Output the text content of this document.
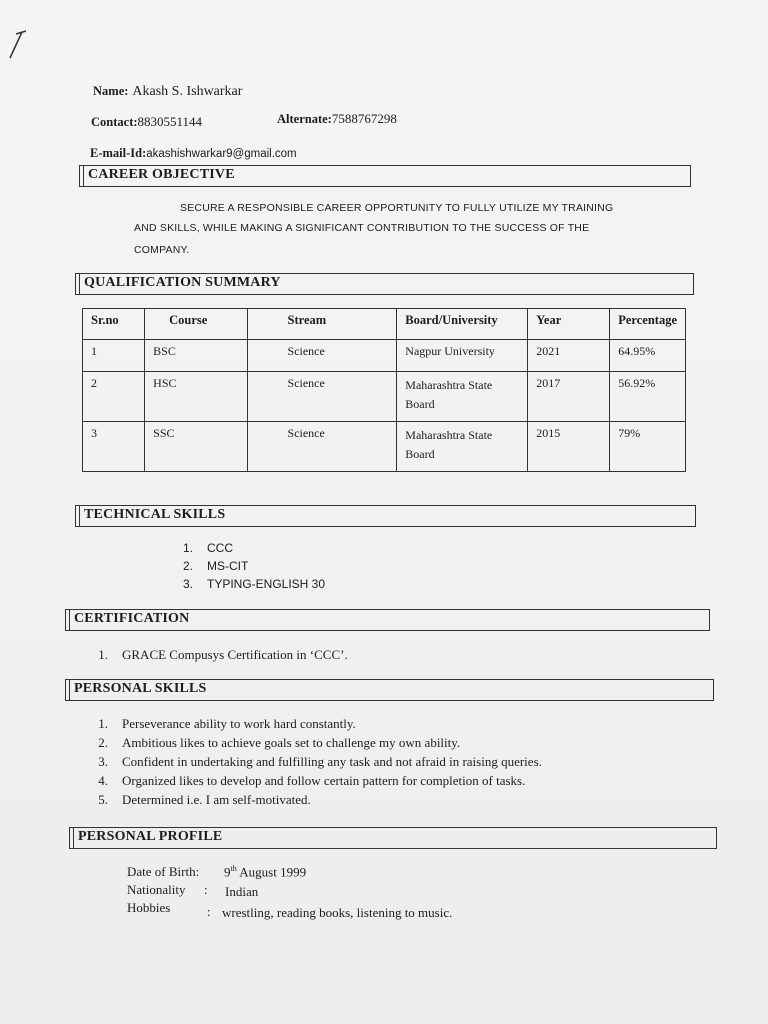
Name: Akash S. Ishwarkar
Contact:8830551144	Alternate:7588767298
E-mail-Id:akashishwarkar9@gmail.com
CAREER OBJECTIVE
SECURE A RESPONSIBLE CAREER OPPORTUNITY TO FULLY UTILIZE MY TRAINING
AND SKILLS, WHILE MAKING A SIGNIFICANT CONTRIBUTION TO THE SUCCESS OF THE
COMPANY.
QUALIFICATION SUMMARY
Sr.no	Course	Stream	Board/University	Year	Percentage
1	BSC	Science	Nagpur University	2021	64.95%
2	HSC	Science	Maharashtra State Board	2017	56.92%
3	SSC	Science	Maharashtra State Board	2015	79%
TECHNICAL SKILLS
1. CCC
2. MS-CIT
3. TYPING-ENGLISH 30
CERTIFICATION
1. GRACE Compusys Certification in ‘CCC’.
PERSONAL SKILLS
1. Perseverance ability to work hard constantly.
2. Ambitious likes to achieve goals set to challenge my own ability.
3. Confident in undertaking and fulfilling any task and not afraid in raising queries.
4. Organized likes to develop and follow certain pattern for completion of tasks.
5. Determined i.e. I am self-motivated.
PERSONAL PROFILE
Date of Birth: 9th August 1999
Nationality : Indian
Hobbies	: wrestling, reading books, listening to music.
